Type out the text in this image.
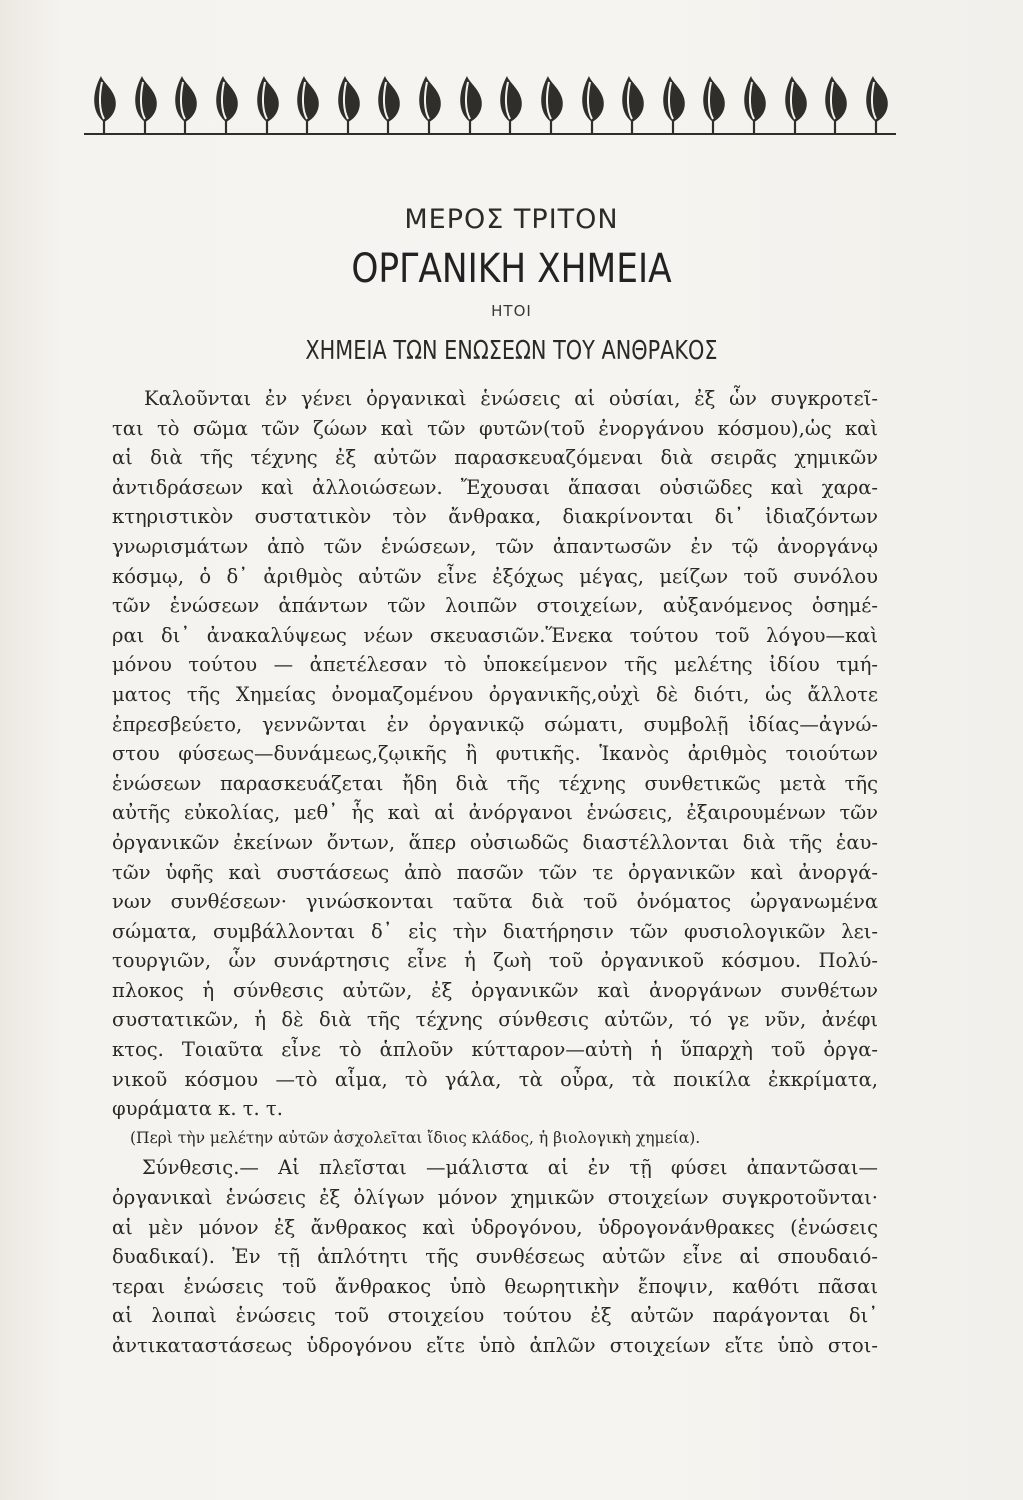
ΜΕΡΟΣ ΤΡΙΤΟΝ
ΟΡΓΑΝΙΚΗ ΧΗΜΕΙΑ
ΗΤΟΙ
ΧΗΜΕΙΑ ΤΩΝ ΕΝΩΣΕΩΝ ΤΟΥ ΑΝΘΡΑΚΟΣ
Καλοῦνται ἐν γένει ὀργανικαὶ ἑνώσεις αἱ οὐσίαι, ἐξ ὧν συγκροτεῖ-
ται τὸ σῶμα τῶν ζώων καὶ τῶν φυτῶν(τοῦ ἐνοργάνου κόσμου),ὡς καὶ
αἱ διὰ τῆς τέχνης ἐξ αὐτῶν παρασκευαζόμεναι διὰ σειρᾶς χημικῶν
ἀντιδράσεων καὶ ἀλλοιώσεων. Ἔχουσαι ἅπασαι οὐσιῶδες καὶ χαρα-
κτηριστικὸν συστατικὸν τὸν ἄνθρακα, διακρίνονται δι᾿ ἰδιαζόντων
γνωρισμάτων ἀπὸ τῶν ἑνώσεων, τῶν ἀπαντωσῶν ἐν τῷ ἀνοργάνῳ
κόσμῳ, ὁ δ᾿ ἀριθμὸς αὐτῶν εἶνε ἐξόχως μέγας, μείζων τοῦ συνόλου
τῶν ἑνώσεων ἁπάντων τῶν λοιπῶν στοιχείων, αὐξανόμενος ὁσημέ-
ραι δι᾿ ἀνακαλύψεως νέων σκευασιῶν.Ἕνεκα τούτου τοῦ λόγου—καὶ
μόνου τούτου — ἀπετέλεσαν τὸ ὑποκείμενον τῆς μελέτης ἰδίου τμή-
ματος τῆς Χημείας ὀνομαζομένου ὀργανικῆς,οὐχὶ δὲ διότι, ὡς ἄλλοτε
ἐπρεσβεύετο, γεννῶνται ἐν ὀργανικῷ σώματι, συμβολῇ ἰδίας—ἀγνώ-
στου φύσεως—δυνάμεως,ζῳικῆς ἢ φυτικῆς. Ἱκανὸς ἀριθμὸς τοιούτων
ἑνώσεων παρασκευάζεται ἤδη διὰ τῆς τέχνης συνθετικῶς μετὰ τῆς
αὐτῆς εὐκολίας, μεθ᾿ ἧς καὶ αἱ ἀνόργανοι ἑνώσεις, ἐξαιρουμένων τῶν
ὀργανικῶν ἐκείνων ὄντων, ἅπερ οὐσιωδῶς διαστέλλονται διὰ τῆς ἑαυ-
τῶν ὑφῆς καὶ συστάσεως ἀπὸ πασῶν τῶν τε ὀργανικῶν καὶ ἀνοργά-
νων συνθέσεων· γινώσκονται ταῦτα διὰ τοῦ ὀνόματος ὠργανωμένα
σώματα, συμβάλλονται δ᾿ εἰς τὴν διατήρησιν τῶν φυσιολογικῶν λει-
τουργιῶν, ὧν συνάρτησις εἶνε ἡ ζωὴ τοῦ ὀργανικοῦ κόσμου. Πολύ-
πλοκος ἡ σύνθεσις αὐτῶν, ἐξ ὀργανικῶν καὶ ἀνοργάνων συνθέτων
συστατικῶν, ἡ δὲ διὰ τῆς τέχνης σύνθεσις αὐτῶν, τό γε νῦν, ἀνέφι
κτος. Τοιαῦτα εἶνε τὸ ἁπλοῦν κύτταρον—αὐτὴ ἡ ὕπαρχὴ τοῦ ὀργα-
νικοῦ κόσμου —τὸ αἷμα, τὸ γάλα, τὰ οὖρα, τὰ ποικίλα ἐκκρίματα,
φυράματα κ. τ. τ.
(Περὶ τὴν μελέτην αὐτῶν ἀσχολεῖται ἴδιος κλάδος, ἡ βιολογικὴ χημεία).
Σύνθεσις.— Αἱ πλεῖσται —μάλιστα αἱ ἐν τῇ φύσει ἀπαντῶσαι—
ὀργανικαὶ ἑνώσεις ἐξ ὀλίγων μόνον χημικῶν στοιχείων συγκροτοῦνται·
αἱ μὲν μόνον ἐξ ἄνθρακος καὶ ὑδρογόνου, ὑδρογονάνθρακες (ἑνώσεις
δυαδικαί). Ἐν τῇ ἁπλότητι τῆς συνθέσεως αὐτῶν εἶνε αἱ σπουδαιό-
τεραι ἑνώσεις τοῦ ἄνθρακος ὑπὸ θεωρητικὴν ἔποψιν, καθότι πᾶσαι
αἱ λοιπαὶ ἑνώσεις τοῦ στοιχείου τούτου ἐξ αὐτῶν παράγονται δι᾿
ἀντικαταστάσεως ὑδρογόνου εἴτε ὑπὸ ἁπλῶν στοιχείων εἴτε ὑπὸ στοι-
